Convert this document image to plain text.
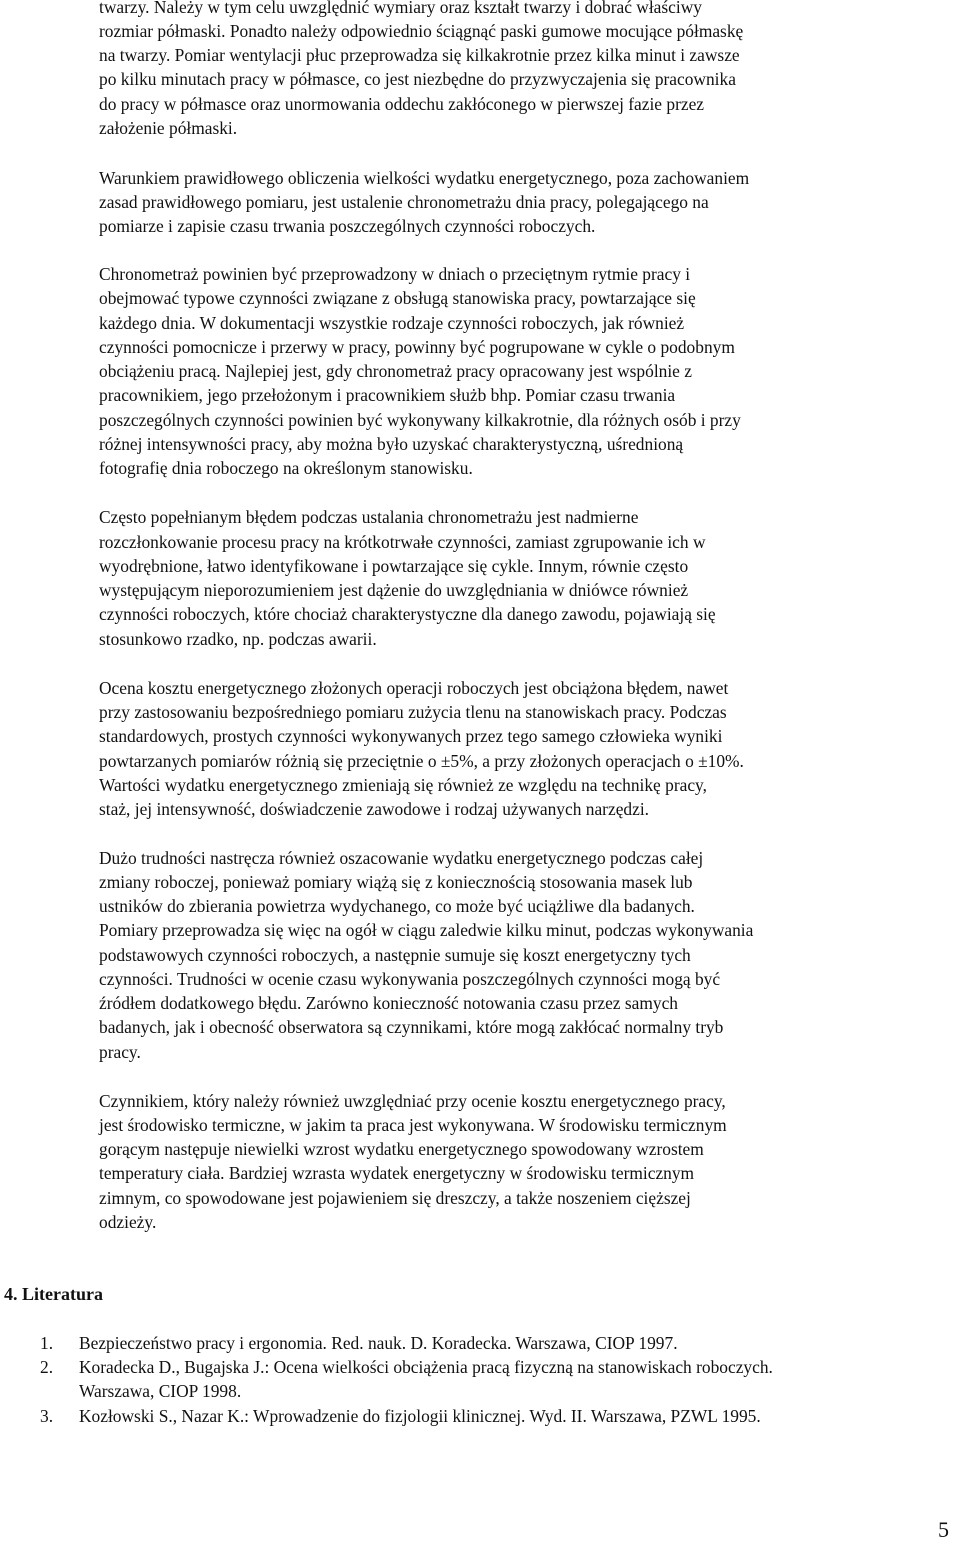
twarzy. Należy w tym celu uwzględnić wymiary oraz kształt twarzy i dobrać właściwy
rozmiar półmaski. Ponadto należy odpowiednio ściągnąć paski gumowe mocujące półmaskę
na twarzy. Pomiar wentylacji płuc przeprowadza się kilkakrotnie przez kilka minut i zawsze
po kilku minutach pracy w półmasce, co jest niezbędne do przyzwyczajenia się pracownika
do pracy w półmasce oraz unormowania oddechu zakłóconego w pierwszej fazie przez
założenie półmaski.
Warunkiem prawidłowego obliczenia wielkości wydatku energetycznego, poza zachowaniem
zasad prawidłowego pomiaru, jest ustalenie chronometrażu dnia pracy, polegającego na
pomiarze i zapisie czasu trwania poszczególnych czynności roboczych.
Chronometraż powinien być przeprowadzony w dniach o przeciętnym rytmie pracy i
obejmować typowe czynności związane z obsługą stanowiska pracy, powtarzające się
każdego dnia. W dokumentacji wszystkie rodzaje czynności roboczych, jak również
czynności pomocnicze i przerwy w pracy, powinny być pogrupowane w cykle o podobnym
obciążeniu pracą. Najlepiej jest, gdy chronometraż pracy opracowany jest wspólnie z
pracownikiem, jego przełożonym i pracownikiem służb bhp. Pomiar czasu trwania
poszczególnych czynności powinien być wykonywany kilkakrotnie, dla różnych osób i przy
różnej intensywności pracy, aby można było uzyskać charakterystyczną, uśrednioną
fotografię dnia roboczego na określonym stanowisku.
Często popełnianym błędem podczas ustalania chronometrażu jest nadmierne
rozczłonkowanie procesu pracy na krótkotrwałe czynności, zamiast zgrupowanie ich w
wyodrębnione, łatwo identyfikowane i powtarzające się cykle. Innym, równie często
występującym nieporozumieniem jest dążenie do uwzględniania w dniówce również
czynności roboczych, które chociaż charakterystyczne dla danego zawodu, pojawiają się
stosunkowo rzadko, np. podczas awarii.
Ocena kosztu energetycznego złożonych operacji roboczych jest obciążona błędem, nawet
przy zastosowaniu bezpośredniego pomiaru zużycia tlenu na stanowiskach pracy. Podczas
standardowych, prostych czynności wykonywanych przez tego samego człowieka wyniki
powtarzanych pomiarów różnią się przeciętnie o ±5%, a przy złożonych operacjach o ±10%.
Wartości wydatku energetycznego zmieniają się również ze względu na technikę pracy,
staż, jej intensywność, doświadczenie zawodowe i rodzaj używanych narzędzi.
Dużo trudności nastręcza również oszacowanie wydatku energetycznego podczas całej
zmiany roboczej, ponieważ pomiary wiążą się z koniecznością stosowania masek lub
ustników do zbierania powietrza wydychanego, co może być uciążliwe dla badanych.
Pomiary przeprowadza się więc na ogół w ciągu zaledwie kilku minut, podczas wykonywania
podstawowych czynności roboczych, a następnie sumuje się koszt energetyczny tych
czynności. Trudności w ocenie czasu wykonywania poszczególnych czynności mogą być
źródłem dodatkowego błędu. Zarówno konieczność notowania czasu przez samych
badanych, jak i obecność obserwatora są czynnikami, które mogą zakłócać normalny tryb
pracy.
Czynnikiem, który należy również uwzględniać przy ocenie kosztu energetycznego pracy,
jest środowisko termiczne, w jakim ta praca jest wykonywana. W środowisku termicznym
gorącym następuje niewielki wzrost wydatku energetycznego spowodowany wzrostem
temperatury ciała. Bardziej wzrasta wydatek energetyczny w środowisku termicznym
zimnym, co spowodowane jest pojawieniem się dreszczy, a także noszeniem cięższej
odzieży.
4. Literatura
1. Bezpieczeństwo pracy i ergonomia. Red. nauk. D. Koradecka. Warszawa, CIOP 1997.
2. Koradecka D., Bugajska J.: Ocena wielkości obciążenia pracą fizyczną na stanowiskach roboczych.
Warszawa, CIOP 1998.
3. Kozłowski S., Nazar K.: Wprowadzenie do fizjologii klinicznej. Wyd. II. Warszawa, PZWL 1995.
5
